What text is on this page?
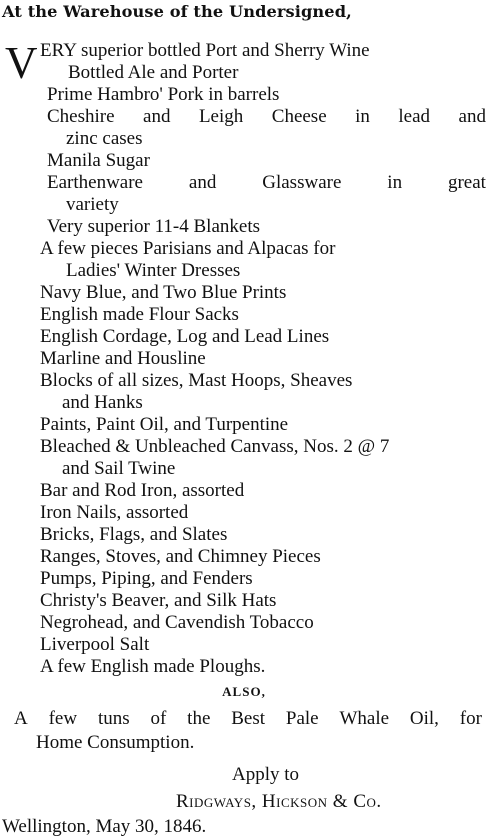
At the Warehouse of the Undersigned,
V ERY superior bottled Port and Sherry Wine
Bottled Ale and Porter
Prime Hambro' Pork in barrels
Cheshire and Leigh Cheese in lead and
zinc cases
Manila Sugar
Earthenware and Glassware in great
variety
Very superior 11-4 Blankets
A few pieces Parisians and Alpacas for
Ladies' Winter Dresses
Navy Blue, and Two Blue Prints
English made Flour Sacks
English Cordage, Log and Lead Lines
Marline and Housline
Blocks of all sizes, Mast Hoops, Sheaves
and Hanks
Paints, Paint Oil, and Turpentine
Bleached & Unbleached Canvass, Nos. 2 @ 7
and Sail Twine
Bar and Rod Iron, assorted
Iron Nails, assorted
Bricks, Flags, and Slates
Ranges, Stoves, and Chimney Pieces
Pumps, Piping, and Fenders
Christy's Beaver, and Silk Hats
Negrohead, and Cavendish Tobacco
Liverpool Salt
A few English made Ploughs.
ALSO,
A few tuns of the Best Pale Whale Oil, for
Home Consumption.
Apply to
Ridgways, Hickson & Co.
Wellington, May 30, 1846.
